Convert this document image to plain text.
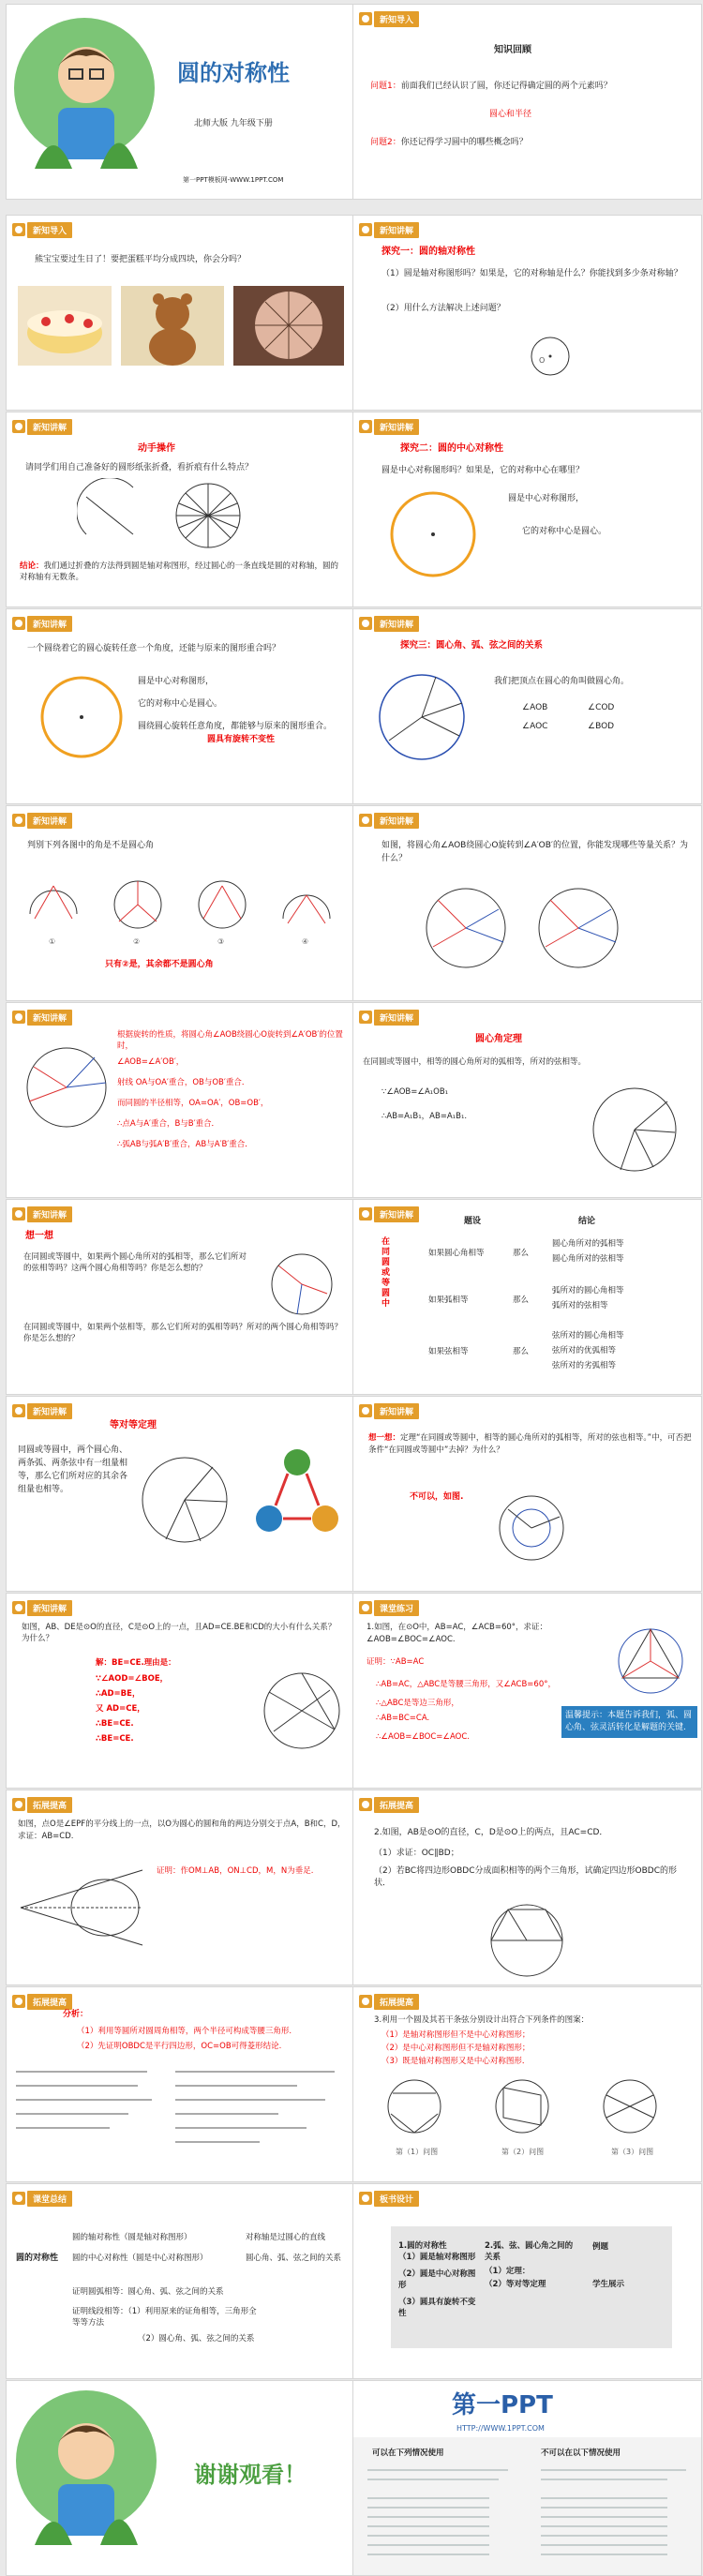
圆的对称性
北师大版 九年级下册
第一PPT模板网-WWW.1PPT.COM
新知导入
知识回顾
问题1：前面我们已经认识了圆，你还记得确定圆的两个元素吗？
圆心和半径
问题2：你还记得学习圆中的哪些概念吗？
新知导入
熊宝宝要过生日了！要把蛋糕平均分成四块，你会分吗？
新知讲解
探究一：圆的轴对称性
（1）圆是轴对称图形吗？如果是，它的对称轴是什么？你能找到多少条对称轴？
（2）用什么方法解决上述问题？
O
新知讲解
动手操作
请同学们用自己准备好的圆形纸张折叠，看折痕有什么特点？
结论：我们通过折叠的方法得到圆是轴对称图形，经过圆心的一条直线是圆的对称轴，圆的对称轴有无数条。
新知讲解
探究二：圆的中心对称性
圆是中心对称图形吗？如果是，它的对称中心在哪里？
圆是中心对称图形，
它的对称中心是圆心。
新知讲解
一个圆绕着它的圆心旋转任意一个角度，还能与原来的图形重合吗？
圆是中心对称图形，
它的对称中心是圆心。
圆绕圆心旋转任意角度，都能够与原来的图形重合。
圆具有旋转不变性
新知讲解
探究三：圆心角、弧、弦之间的关系
我们把顶点在圆心的角叫做圆心角。
∠AOB	∠COD
∠AOC	∠BOD
新知讲解
判别下列各图中的角是不是圆心角
①	②	③	④
只有②是，其余都不是圆心角
新知讲解
如图，将圆心角∠AOB绕圆心O旋转到∠A′OB′的位置，你能发现哪些等量关系？为什么？
新知讲解
根据旋转的性质，将圆心角∠AOB绕圆心O旋转到∠A′OB′的位置时，
∠AOB=∠A′OB′，
射线 OA与OA′重合，OB与OB′重合．
而同圆的半径相等，OA=OA′，OB=OB′，
∴点A与A′重合，B与B′重合．
∴弧AB与弧A′B′重合，AB与A′B′重合．
新知讲解
圆心角定理
在同圆或等圆中，相等的圆心角所对的弧相等，所对的弦相等。
∵∠AOB=∠A₁OB₁
∴AB=A₁B₁，AB=A₁B₁.
新知讲解
想一想
在同圆或等圆中，如果两个圆心角所对的弧相等，那么它们所对的弦相等吗？这两个圆心角相等吗？你是怎么想的？
在同圆或等圆中，如果两个弦相等，那么它们所对的弧相等吗？所对的两个圆心角相等吗？你是怎么想的？
新知讲解
题设	结论
在同圆或等圆中
如果圆心角相等	那么
圆心角所对的弧相等
圆心角所对的弦相等
如果弧相等	那么
弧所对的圆心角相等
弧所对的弦相等
如果弦相等	那么
弦所对的圆心角相等
弦所对的优弧相等
弦所对的劣弧相等
新知讲解
等对等定理
同圆或等圆中，两个圆心角、两条弧、两条弦中有一组量相等，那么它们所对应的其余各组量也相等。
新知讲解
想一想：定理“在同圆或等圆中，相等的圆心角所对的弧相等，所对的弦也相等。”中，可否把条件“在同圆或等圆中”去掉？为什么？
不可以，如图.
新知讲解
如图，AB、DE是⊙O的直径，C是⊙O上的一点，且AD=CE.BE和CD的大小有什么关系？为什么？
解：BE=CE.理由是：
∵∠AOD=∠BOE，
∴AD=BE，
又 AD=CE，
∴BE=CE.
∴BE=CE.
课堂练习
1.如图，在⊙O中，AB=AC，∠ACB=60°，求证：∠AOB=∠BOC=∠AOC.
证明：∵AB=AC
∴AB=AC，△ABC是等腰三角形，又∠ACB=60°，
∴△ABC是等边三角形，
∴AB=BC=CA.
∴∠AOB=∠BOC=∠AOC.
温馨提示：本题告诉我们，弧、圆心角、弦灵活转化是解题的关键.
拓展提高
如图，点O是∠EPF的平分线上的一点，以O为圆心的圆和角的两边分别交于点A，B和C，D，求证：AB=CD.
证明：作OM⊥AB，ON⊥CD，M，N为垂足.
拓展提高
2.如图，AB是⊙O的直径，C，D是⊙O上的两点，且AC=CD．
（1）求证：OC∥BD；
（2）若BC将四边形OBDC分成面积相等的两个三角形，试确定四边形OBDC的形状．
拓展提高
分析：
（1）利用等圆所对圆周角相等，两个半径可构成等腰三角形.
（2）先证明OBDC是平行四边形，OC=OB可得菱形结论.
拓展提高
3.利用一个圆及其若干条弦分别设计出符合下列条件的图案：
（1）是轴对称图形但不是中心对称图形；
（2）是中心对称图形但不是轴对称图形；
（3）既是轴对称图形又是中心对称图形．
第（1）问图	第（2）问图	第（3）问图
课堂总结
圆的对称性
圆的轴对称性（圆是轴对称图形）	对称轴是过圆心的直线
圆的中心对称性（圆是中心对称图形）	圆心角、弧、弦之间的关系
证明圆弧相等：圆心角、弧、弦之间的关系
证明线段相等：（1）利用原来的证角相等，三角形全等等方法
（2）圆心角、弧、弦之间的关系
板书设计
1.圆的对称性
（1）圆是轴对称图形
（2）圆是中心对称图形
（3）圆具有旋转不变性
2.弧、弦、圆心角之间的关系
（1）定理：
（2）等对等定理
例题
学生展示
谢谢观看！
第一PPT
HTTP://WWW.1PPT.COM
可以在下列情况使用	不可以在以下情况使用
